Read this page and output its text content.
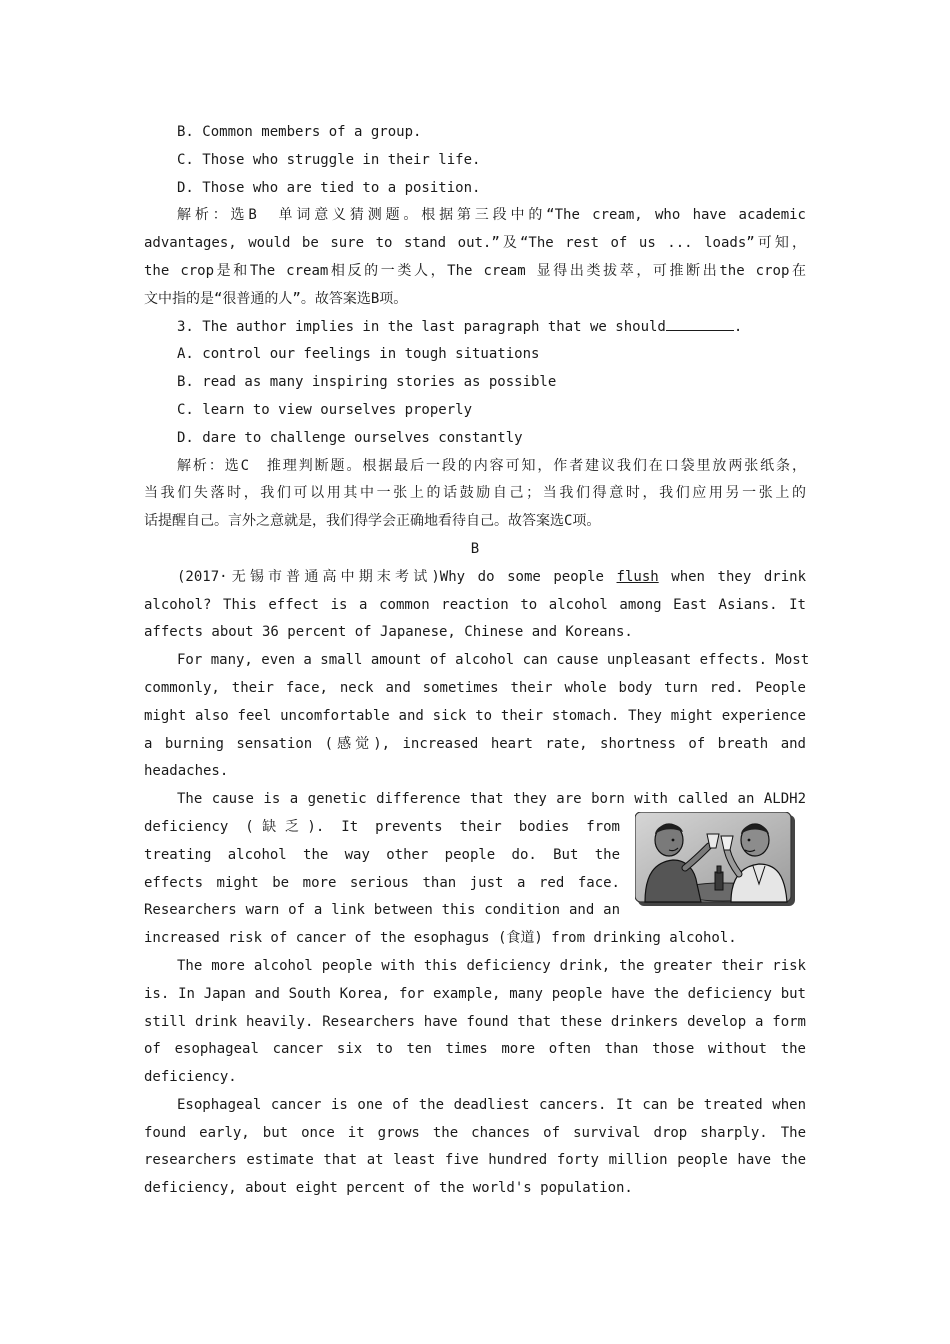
B. Common members of a group.
C. Those who struggle in their life.
D. Those who are tied to a position.
解析：选B　单词意义猜测题。根据第三段中的“The cream, who have academic
advantages, would be sure to stand out.”及“The rest of us ... loads”可知，
the crop是和The cream相反的一类人，The cream 显得出类拔萃，可推断出the crop在
文中指的是“很普通的人”。故答案选B项。
3. The author implies in the last paragraph that we should	.
A. control our feelings in tough situations
B. read as many inspiring stories as possible
C. learn to view ourselves properly
D. dare to challenge ourselves constantly
解析：选C　推理判断题。根据最后一段的内容可知，作者建议我们在口袋里放两张纸条，
当我们失落时，我们可以用其中一张上的话鼓励自己；当我们得意时，我们应用另一张上的
话提醒自己。言外之意就是，我们得学会正确地看待自己。故答案选C项。
B
(2017·无锡市普通高中期末考试)Why do some people flush when they drink
alcohol? This effect is a common reaction to alcohol among East Asians. It
affects about 36 percent of Japanese, Chinese and Koreans.
For many, even a small amount of alcohol can cause unpleasant effects. Most
commonly, their face, neck and sometimes their whole body turn red. People
might also feel uncomfortable and sick to their stomach. They might experience
a burning sensation (感觉), increased heart rate, shortness of breath and
headaches.
The cause is a genetic difference that they are born with called an ALDH2
deficiency (缺乏). It prevents their bodies from
treating alcohol the way other people do. But the
effects might be more serious than just a red face.
Researchers warn of a link between this condition and an
increased risk of cancer of the esophagus (食道) from drinking alcohol.
The more alcohol people with this deficiency drink, the greater their risk
is. In Japan and South Korea, for example, many people have the deficiency but
still drink heavily. Researchers have found that these drinkers develop a form
of esophageal cancer six to ten times more often than those without the
deficiency.
Esophageal cancer is one of the deadliest cancers. It can be treated when
found early, but once it grows the chances of survival drop sharply. The
researchers estimate that at least five hundred forty million people have the
deficiency, about eight percent of the world's population.
